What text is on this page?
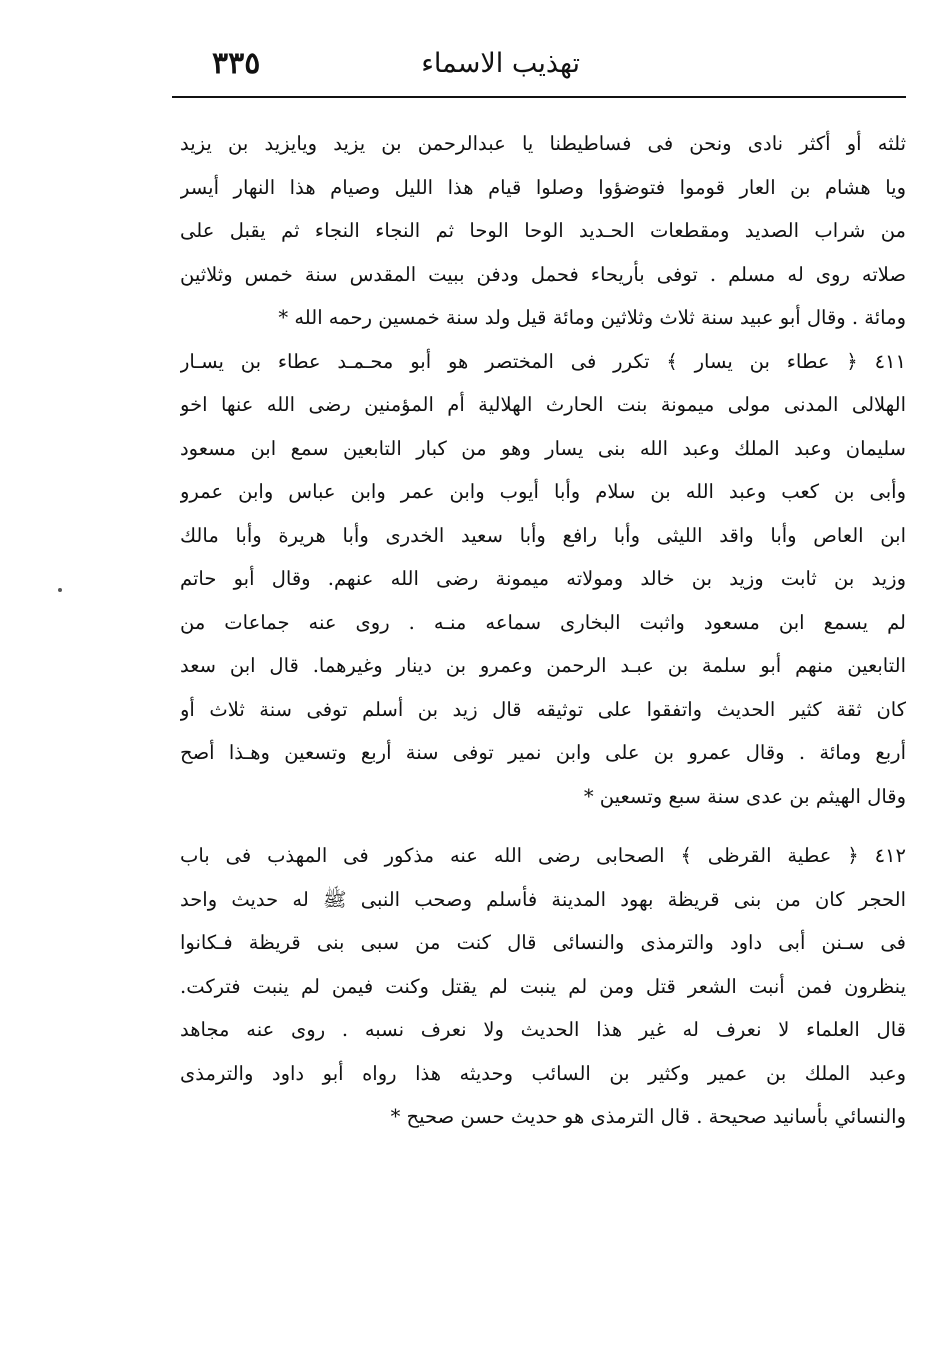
تهذيب الاسماء
٣٣٥
ثلثه أو أكثر نادى ونحن فى فساطيطنا يا عبدالرحمن بن يزيد ويايزيد بن يزيد
ويا هشام بن العار قوموا فتوضؤوا وصلوا قيام هذا الليل وصيام هذا النهار أيسر
من شراب الصديد ومقطعات الحـديد الوحا الوحا ثم النجاء النجاء ثم يقبل على
صلاته روى له مسلم . توفى بأريحاء فحمل ودفن ببيت المقدس سنة خمس وثلاثين
ومائة . وقال أبو عبيد سنة ثلاث وثلاثين ومائة قيل ولد سنة خمسين رحمه الله *
٤١١ ﴿ عطاء بن يسار ﴾ تكرر فى المختصر هو أبو محـمـد عطاء بن يسـار
الهلالى المدنى مولى ميمونة بنت الحارث الهلالية أم المؤمنين رضى الله عنها اخو
سليمان وعبد الملك وعبد الله بنى يسار وهو من كبار التابعين سمع ابن مسعود
وأبى بن كعب وعبد الله بن سلام وأبا أيوب وابن عمر وابن عباس وابن عمرو
ابن العاص وأبا واقد الليثى وأبا رافع وأبا سعيد الخدرى وأبا هريرة وأبا مالك
وزيد بن ثابت وزيد بن خالد ومولاته ميمونة رضى الله عنهم. وقال أبو حاتم
لم يسمع ابن مسعود واثبت البخارى سماعه منـه . روى عنه جماعات من
التابعين منهم أبو سلمة بن عبـد الرحمن وعمرو بن دينار وغيرهما. قال ابن سعد
كان ثقة كثير الحديث واتفقوا على توثيقه قال زيد بن أسلم توفى سنة ثلاث أو
أربع ومائة . وقال عمرو بن على وابن نمير توفى سنة أربع وتسعين وهـذا أصح
وقال الهيثم بن عدى سنة سبع وتسعين *
٤١٢ ﴿ عطية القرظى ﴾ الصحابى رضى الله عنه مذكور فى المهذب فى باب
الحجر كان من بنى قريظة بهود المدينة فأسلم وصحب النبى ﷺ له حديث واحد
فى سـنن أبى داود والترمذى والنسائى قال كنت من سبى بنى قريظة فـكانوا
ينظرون فمن أنبت الشعر قتل ومن لم ينبت لم يقتل وكنت فيمن لم ينبت فتركت.
قال العلماء لا نعرف له غير هذا الحديث ولا نعرف نسبه . روى عنه مجاهد
وعبد الملك بن عمير وكثير بن السائب وحديثه هذا رواه أبو داود والترمذى
والنسائي بأسانيد صحيحة . قال الترمذى هو حديث حسن صحيح *
